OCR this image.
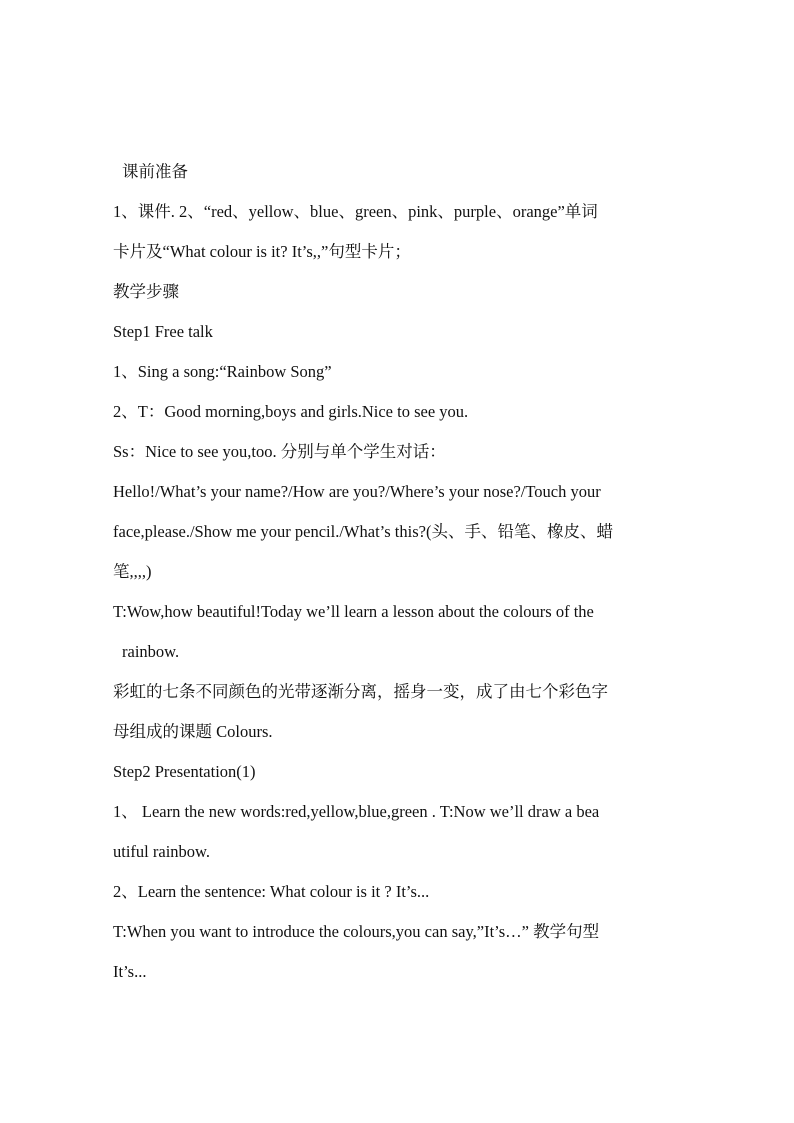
课前准备
1、课件. 2、“red、yellow、blue、green、pink、purple、orange”单词
卡片及“What colour is it? It’s,,”句型卡片；
教学步骤
Step1 Free talk
1、Sing a song:“Rainbow Song”
2、T：Good morning,boys and girls.Nice to see you.
Ss：Nice to see you,too. 分别与单个学生对话：
Hello!/What’s your name?/How are you?/Where’s your nose?/Touch your
face,please./Show me your pencil./What’s this?(头、手、铅笔、橡皮、蜡
笔,,,,)
T:Wow,how beautiful!Today we’ll learn a lesson about the colours of the
rainbow.
彩虹的七条不同颜色的光带逐渐分离，摇身一变，成了由七个彩色字
母组成的课题 Colours.
Step2 Presentation(1)
1、 Learn the new words:red,yellow,blue,green . T:Now we’ll draw a bea
utiful rainbow.
2、Learn the sentence: What colour is it ? It’s...
T:When you want to introduce the colours,you can say,”It’s…” 教学句型
It’s...
